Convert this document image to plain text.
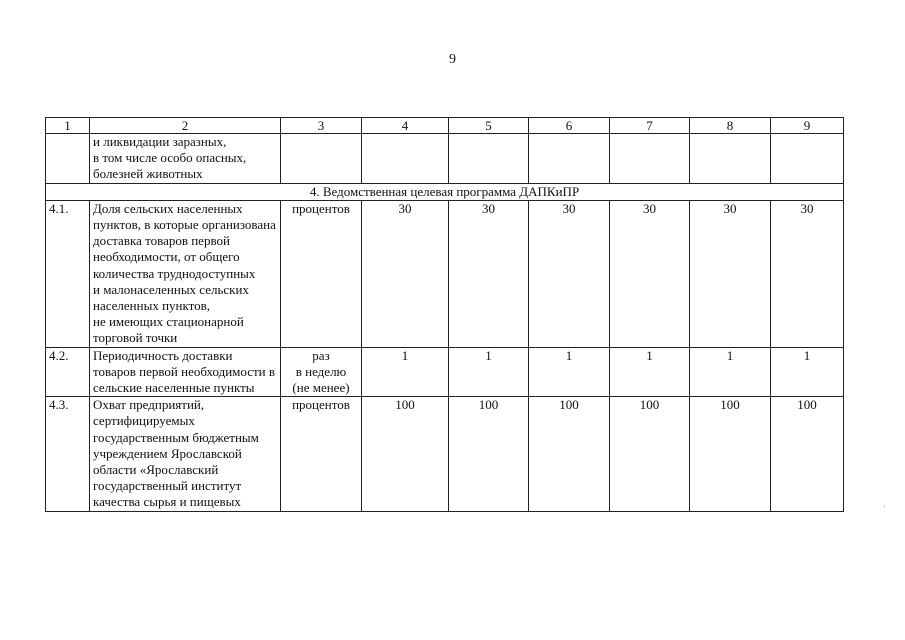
9
1	2	3	4	5	6	7	8	9
	и ликвидации заразных,
в том числе особо опасных,
болезней животных							
4. Ведомственная целевая программа ДАПКиПР								
4.1.	Доля сельских населенных пунктов, в которые организована доставка товаров первой необходимости, от общего количества труднодоступных
и малонаселенных сельских населенных пунктов,
не имеющих стационарной торговой точки	процентов	30	30	30	30	30	30
4.2.	Периодичность доставки товаров первой необходимости в сельские населенные пункты	раз
в неделю
(не менее)	1	1	1	1	1	1
4.3.	Охват предприятий, сертифицируемых государственным бюджетным учреждением Ярославской области «Ярославский государственный институт качества сырья и пищевых	процентов	100	100	100	100	100	100
